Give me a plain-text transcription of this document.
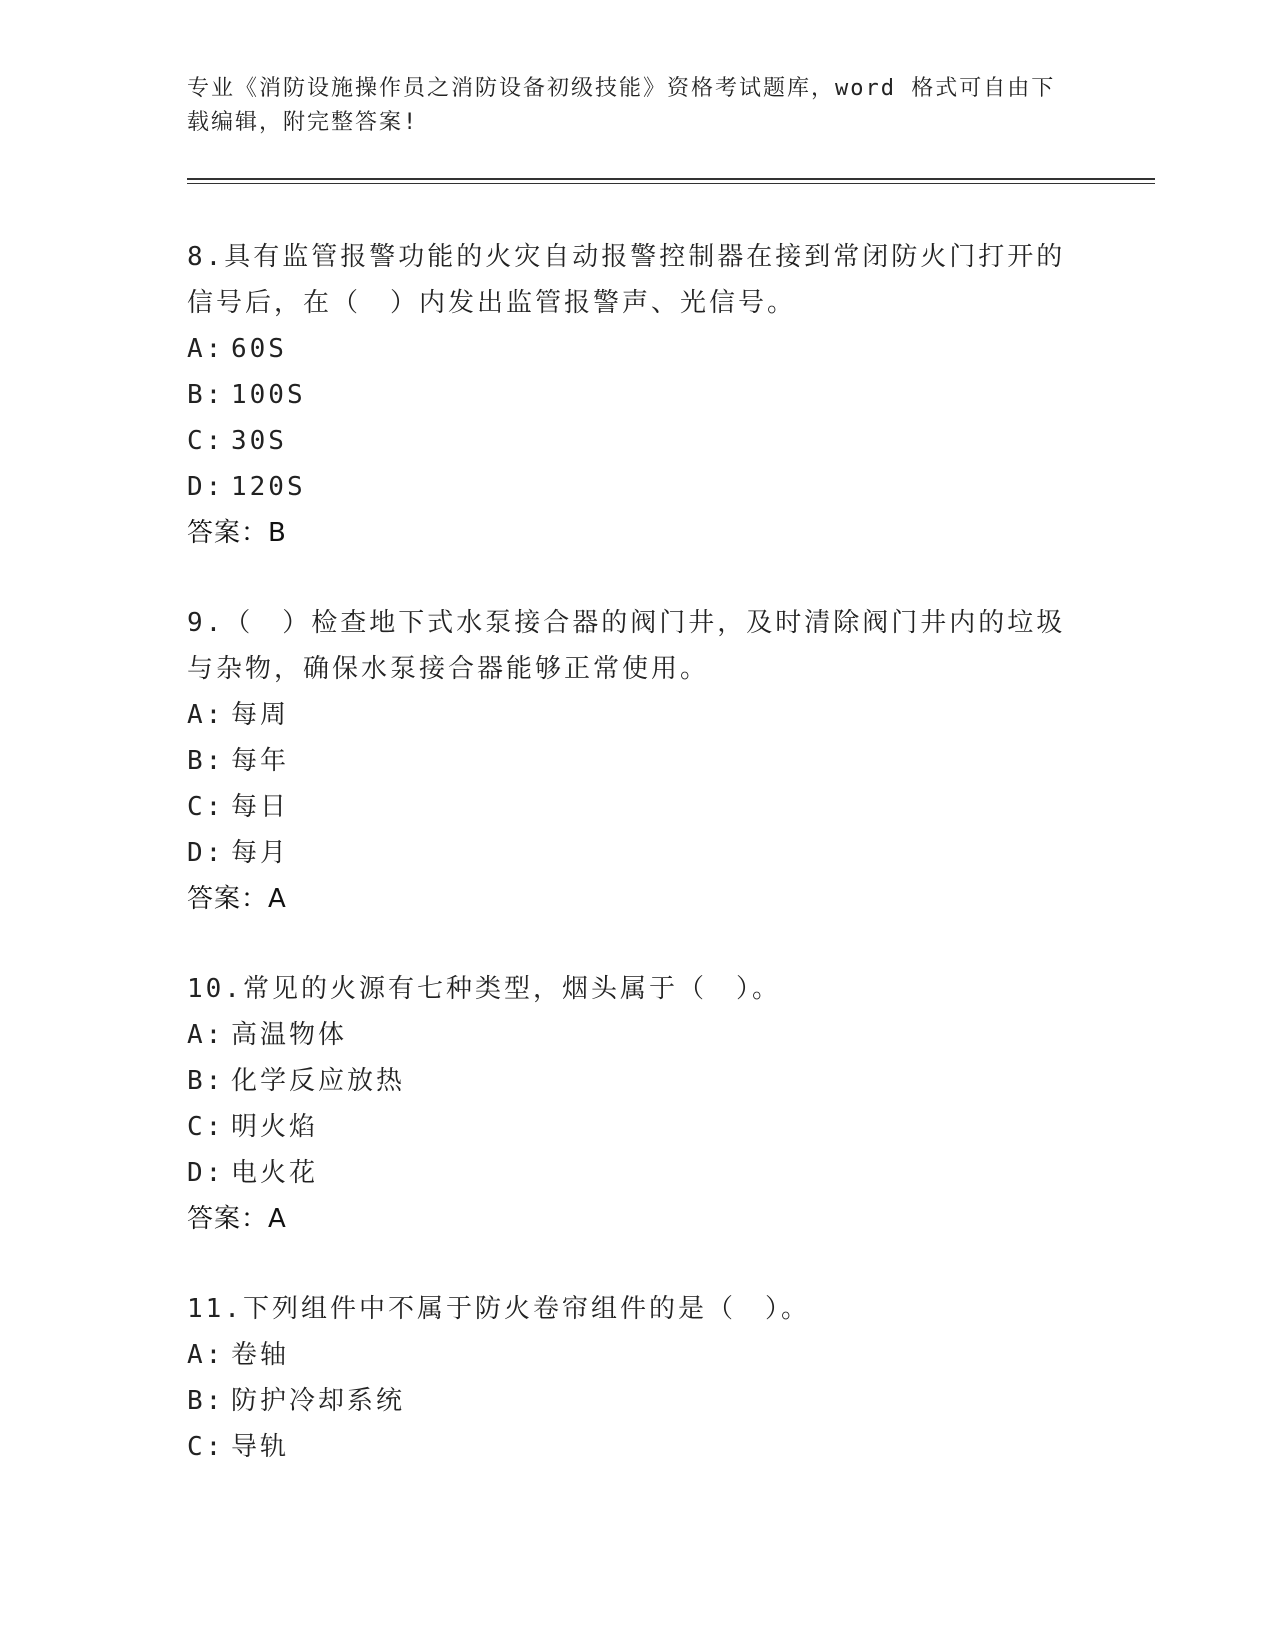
专业《消防设施操作员之消防设备初级技能》资格考试题库，word 格式可自由下载编辑，附完整答案!
8.具有监管报警功能的火灾自动报警控制器在接到常闭防火门打开的信号后，在（　）内发出监管报警声、光信号。
A: 60S
B: 100S
C: 30S
D: 120S
答案：B
9.（　）检查地下式水泵接合器的阀门井，及时清除阀门井内的垃圾与杂物，确保水泵接合器能够正常使用。
A: 每周
B: 每年
C: 每日
D: 每月
答案：A
10.常见的火源有七种类型，烟头属于（　）。
A: 高温物体
B: 化学反应放热
C: 明火焰
D: 电火花
答案：A
11.下列组件中不属于防火卷帘组件的是（　）。
A: 卷轴
B: 防护冷却系统
C: 导轨
